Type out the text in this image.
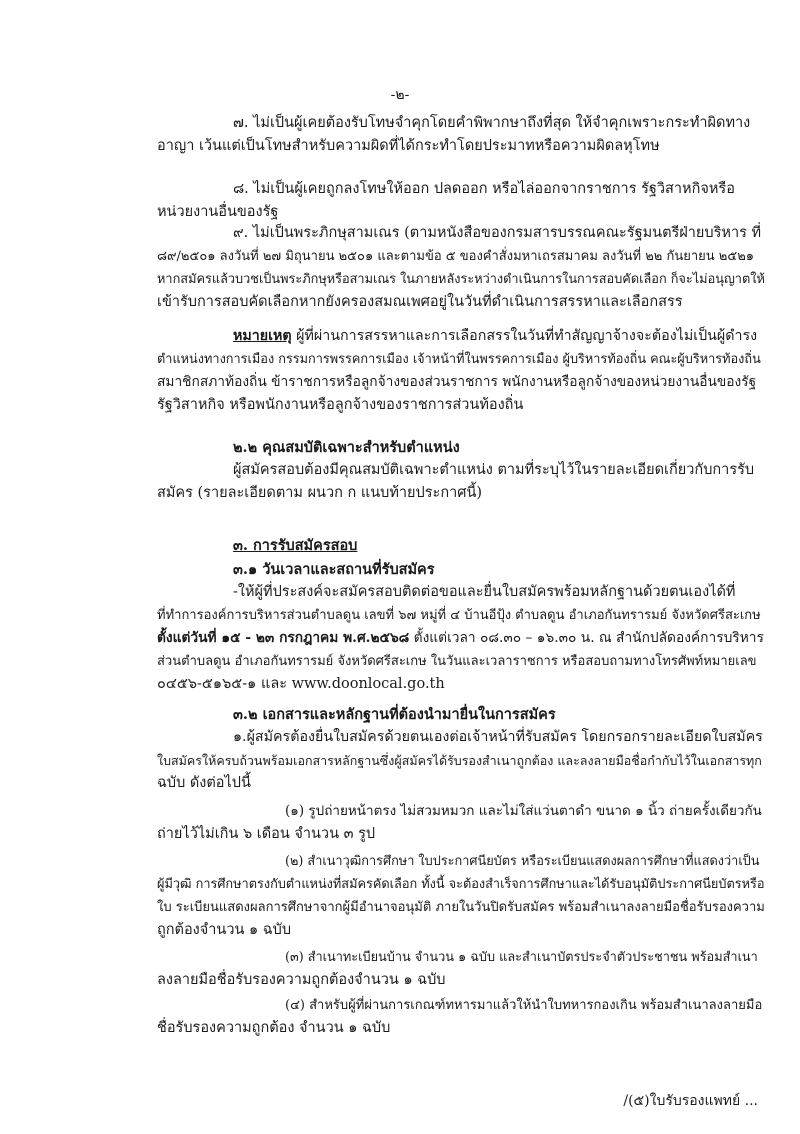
-๒-
๗. ไม่เป็นผู้เคยต้องรับโทษจำคุกโดยคำพิพากษาถึงที่สุด ให้จำคุกเพราะกระทำผิดทาง
อาญา เว้นแต่เป็นโทษสำหรับความผิดที่ได้กระทำโดยประมาทหรือความผิดลหุโทษ
๘. ไม่เป็นผู้เคยถูกลงโทษให้ออก ปลดออก หรือไล่ออกจากราชการ รัฐวิสาหกิจหรือ
หน่วยงานอื่นของรัฐ
๙. ไม่เป็นพระภิกษุสามเณร (ตามหนังสือของกรมสารบรรณคณะรัฐมนตรีฝ่ายบริหาร ที่
๘๙/๒๕๐๑ ลงวันที่ ๒๗ มิถุนายน ๒๕๐๑ และตามข้อ ๕ ของคำสั่งมหาเถรสมาคม ลงวันที่ ๒๒ กันยายน ๒๕๒๑
หากสมัครแล้วบวชเป็นพระภิกษุหรือสามเณร ในภายหลังระหว่างดำเนินการในการสอบคัดเลือก ก็จะไม่อนุญาตให้
เข้ารับการสอบคัดเลือกหากยังครองสมณเพศอยู่ในวันที่ดำเนินการสรรหาและเลือกสรร
หมายเหตุ ผู้ที่ผ่านการสรรหาและการเลือกสรรในวันที่ทำสัญญาจ้างจะต้องไม่เป็นผู้ดำรง
ตำแหน่งทางการเมือง กรรมการพรรคการเมือง เจ้าหน้าที่ในพรรคการเมือง ผู้บริหารท้องถิ่น คณะผู้บริหารท้องถิ่น
สมาชิกสภาท้องถิ่น ข้าราชการหรือลูกจ้างของส่วนราชการ พนักงานหรือลูกจ้างของหน่วยงานอื่นของรัฐ
รัฐวิสาหกิจ หรือพนักงานหรือลูกจ้างของราชการส่วนท้องถิ่น
๒.๒ คุณสมบัติเฉพาะสำหรับตำแหน่ง
ผู้สมัครสอบต้องมีคุณสมบัติเฉพาะตำแหน่ง ตามที่ระบุไว้ในรายละเอียดเกี่ยวกับการรับ
สมัคร (รายละเอียดตาม ผนวก ก แนบท้ายประกาศนี้)
๓. การรับสมัครสอบ
๓.๑ วันเวลาและสถานที่รับสมัคร
-ให้ผู้ที่ประสงค์จะสมัครสอบติดต่อขอและยื่นใบสมัครพร้อมหลักฐานด้วยตนเองได้ที่
ที่ทำการองค์การบริหารส่วนตำบลดูน เลขที่ ๖๗ หมู่ที่ ๔ บ้านอีปุ้ง ตำบลดูน อำเภอกันทรารมย์ จังหวัดศรีสะเกษ
ตั้งแต่วันที่ ๑๕ - ๒๓ กรกฎาคม พ.ศ.๒๕๖๘ ตั้งแต่เวลา ๐๘.๓๐ – ๑๖.๓๐ น. ณ สำนักปลัดองค์การบริหาร
ส่วนตำบลดูน อำเภอกันทรารมย์ จังหวัดศรีสะเกษ ในวันและเวลาราชการ หรือสอบถามทางโทรศัพท์หมายเลข
๐๔๕๖-๕๑๖๕-๑ และ www.doonlocal.go.th
๓.๒ เอกสารและหลักฐานที่ต้องนำมายื่นในการสมัคร
๑.ผู้สมัครต้องยื่นใบสมัครด้วยตนเองต่อเจ้าหน้าที่รับสมัคร โดยกรอกรายละเอียดใบสมัคร
ใบสมัครให้ครบถ้วนพร้อมเอกสารหลักฐานซึ่งผู้สมัครได้รับรองสำเนาถูกต้อง และลงลายมือชื่อกำกับไว้ในเอกสารทุก
ฉบับ ดังต่อไปนี้
(๑) รูปถ่ายหน้าตรง ไม่สวมหมวก และไม่ใส่แว่นตาดำ ขนาด ๑ นิ้ว ถ่ายครั้งเดียวกัน
ถ่ายไว้ไม่เกิน ๖ เดือน จำนวน ๓ รูป
(๒) สำเนาวุฒิการศึกษา ใบประกาศนียบัตร หรือระเบียนแสดงผลการศึกษาที่แสดงว่าเป็น
ผู้มีวุฒิ การศึกษาตรงกับตำแหน่งที่สมัครคัดเลือก ทั้งนี้ จะต้องสำเร็จการศึกษาและได้รับอนุมัติประกาศนียบัตรหรือ
ใบ ระเบียนแสดงผลการศึกษาจากผู้มีอำนาจอนุมัติ ภายในวันปิดรับสมัคร พร้อมสำเนาลงลายมือชื่อรับรองความ
ถูกต้องจำนวน ๑ ฉบับ
(๓) สำเนาทะเบียนบ้าน จำนวน ๑ ฉบับ และสำเนาบัตรประจำตัวประชาชน พร้อมสำเนา
ลงลายมือชื่อรับรองความถูกต้องจำนวน ๑ ฉบับ
(๔) สำหรับผู้ที่ผ่านการเกณฑ์ทหารมาแล้วให้นำใบทหารกองเกิน พร้อมสำเนาลงลายมือ
ชื่อรับรองความถูกต้อง จำนวน ๑ ฉบับ
/(๕)ใบรับรองแพทย์ ...
